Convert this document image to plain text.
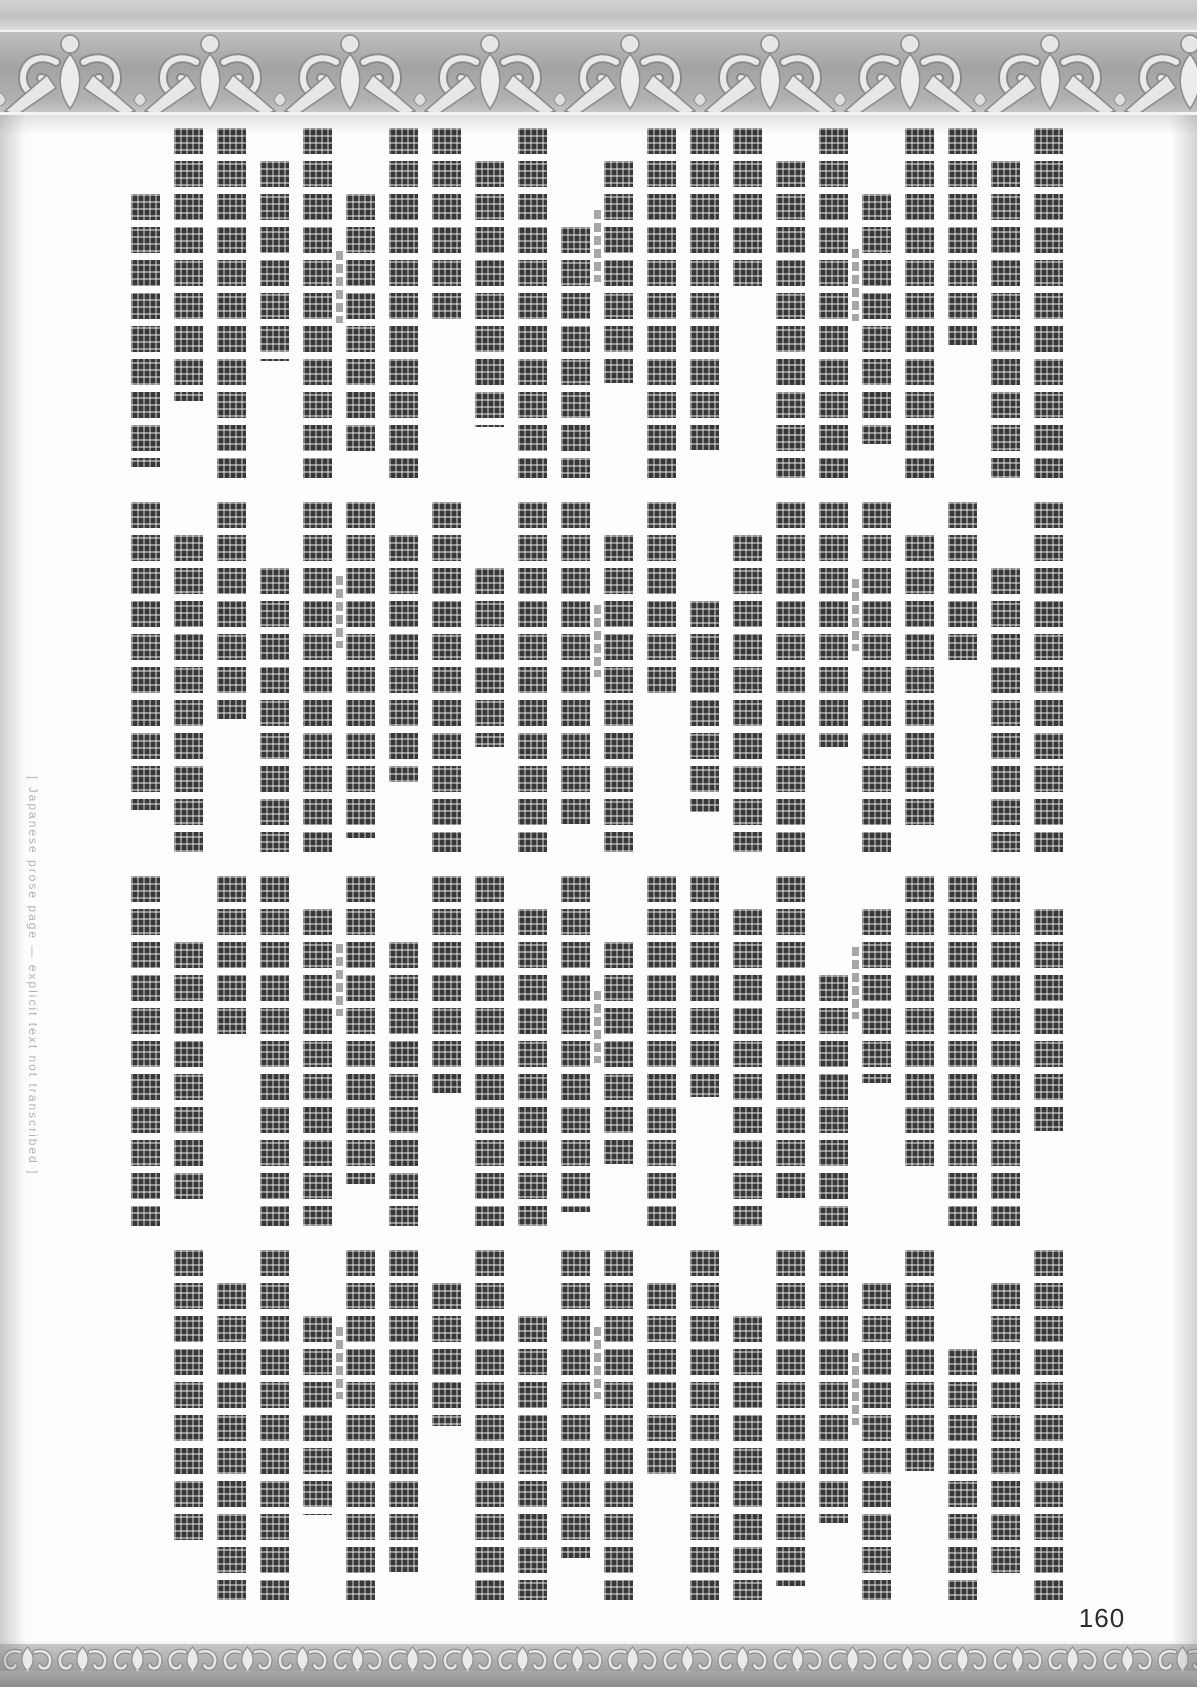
[ Japanese prose page — explicit text not transcribed ]
160
